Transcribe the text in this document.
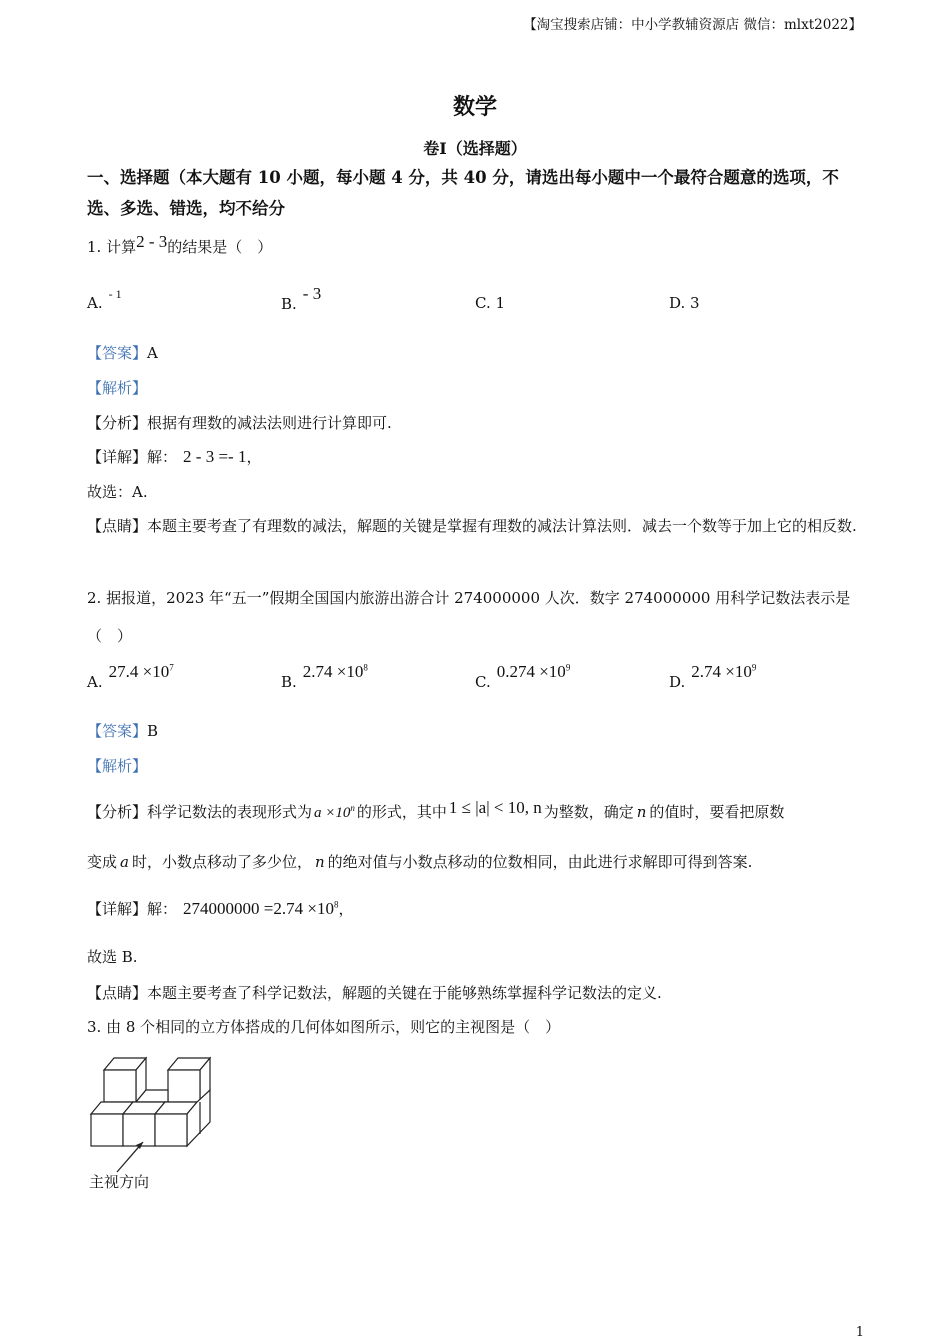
【淘宝搜索店铺：中小学教辅资源店 微信：mlxt2022】
数学
卷Ⅰ（选择题）
一、选择题（本大题有 10 小题，每小题 4 分，共 40 分，请选出每小题中一个最符合题意的选项，不选、多选、错选，均不给分
1. 计算2 - 3的结果是（　）
A. $^{- 1}$
B.- 3	C. 1	D. 3
【答案】A
【解析】
【分析】根据有理数的减法法则进行计算即可.
【详解】解： 2 - 3 =- 1，
故选：A.
【点睛】本题主要考查了有理数的减法，解题的关键是掌握有理数的减法计算法则．减去一个数等于加上它的相反数.
2. 据报道，2023 年“五一”假期全国国内旅游出游合计 274000000 人次．数字 274000000 用科学记数法表示是（　）
$A.27.4 \times 10^7$
$B.2.74 \times 10^8$
$C.0.274 \times 10^9$
$D.2.74 \times 10^9$
【答案】B
【解析】
【分析】科学记数法的表现形式为 $a \times 10^n$ 的形式，其中 1 ≤ |a| < 10, n 为整数，确定 n 的值时，要看把原数
变成 a 时，小数点移动了多少位， n 的绝对值与小数点移动的位数相同，由此进行求解即可得到答案.
【详解】解： $274000000 =2.74 \times 10^8$，
故选 B.
【点睛】本题主要考查了科学记数法，解题的关键在于能够熟练掌握科学记数法的定义.
3. 由 8 个相同的立方体搭成的几何体如图所示，则它的主视图是（　）
主视方向
1
